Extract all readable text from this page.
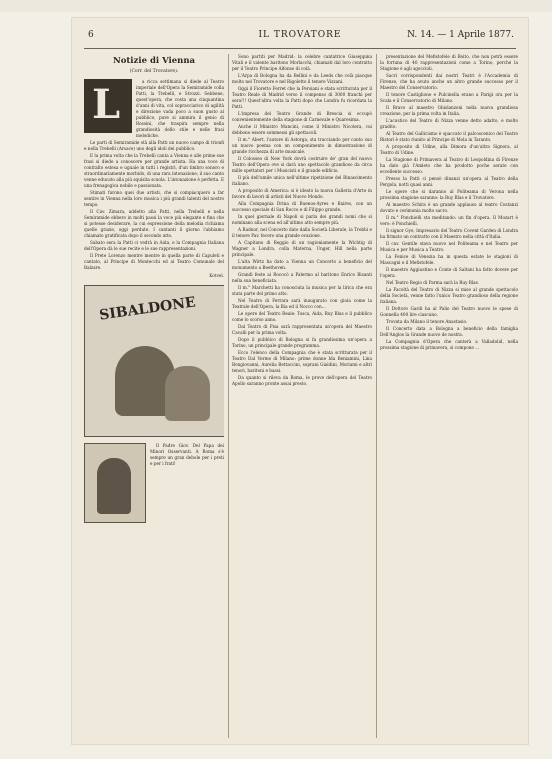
6	IL TROVATORE	N. 14. — 1 Aprile 1877.
Notizie di Vienna
(Corr. del Trovatore).
L	a ricca settimana si diede al Teatro imperiale dell'Opera la Semiramide colla Patti, la Trebelli, e Strozzi. Sebbene, quest'opera, che costa una cinquantina d'anni di vita, col sopracciarico di agilità e direzione vada poco a suon gusto al pubblico, pure si ammira il genio di Rossini, che traspira sempre nella grandiosità dello stile e nelle frasi melodiche.

Le parti di Semiramide stà alla Patti un nuovo campo di trionfi e nella Trebelli (Arsace) uno degli idoli dei pubblico.

E la prima volta che la Trebelli canta a Vienna e alle prime sue frasi si diede a conoscere per grande artista. Ha una voce di contralto estesa e uguale in tutti i registri, d'un timbro sonoro e straordinariamente morbido, di una rara intonazione; il suo canto venne educato alla più squisita scuola. L'intonazione è perfetta. E una frenagogica nobile e passionata.

Stimati furono quei due artisti, che si compiacquero a far sentire in Vienna nella loro musica i più grandi talenti del nostro tempo.

Il Cav. Zimara, addetto alla Patti, nella Trebelli e nella Semiramide ebbero in molti passi la voce più elegante e fina che si potesse desiderare, la cui espressione della melodia richiama quelle grazie, oggi perdute. I cantanti il giorno l'abbiamo chiamato gratificata dopo il secondo atto.

Sabato sera la Patti ci vedrà in Aida, e la Compagnia Italiana dell'Opera dà le sue recite e le sue rappresentazioni.

Il Prete Lorenzo mentre mentre in quella parte di Capuleti e cantato, al Principe di Montecchi ed al Teatro Comunale del Balzare.

Kotvel.
SIBALDONE

Il Padre Giov. Del Papa dei Minori Osservanti. A Roma s'è sempre un gran debole per i preti e per i frati!

Sono partiti per Madrid: la celebre cantatrice Giuseppina Vitali e il valente baritono Morlacchi, chiamati dal loro contratto per il Teatro Principe Alfonso di colà.

L'Arpa di Bologna ha da Bellini e da Leeds che colà piacque molto nel Trovatore e nel Rigoletto il tenore Vizzani.

Oggi il Fioretto Ferret che la Persiani e stata scritturata per il Teatro Reale di Madrid verso il compenso di 3000 franchi per sera!!! Quest'altra volta la Patti dopo che Londra fu ricordata la Patti.

L'impresa del Teatro Grande di Brescia si occupò convenientemente della stagione di Carnevale e Quaresima.

Anche il Ministro Mancini, come il Ministro Nicotera, cui debbono essere sommessi gli spettacoli.

Il m.° Abert, l'autore di Astorga, sta tracciando per conto suo un nuovo poema con un componimento in dimostrazione di grande ricchezza di arte musicale.

Il Colosseo di New York dovrà costruire de' gran del nuovo Teatro dell'Opera ove si darà uno spettacolo grandioso da circa mille spettatori per i Musicisti e il grande edificio.

Il più dell'umile unica nell'ultime ripetizione del Rinascimento italiano.

A proposito di America: si è ideato la nuova Galleria d'Arte in favore di lavori di artisti del Nuovo Mondo.

Alla Compagnia Drina di Buenos-Ayres e Baires, con un successo speciale di San Rocco e di Filippo grande.

In quel giornale di Napoli si parla dei grandi nomi che si nominano alla scena ed all'ultimo atto sempre più.

A Radnor, nel Concerto dato dalla Società Liberale, la Trebbi e il tenore Pav. fecero una grande ovazione.

A Capitano di Reggio di un ragioniamente la Wichtig di Wagner a Londra, colla Materna, Unger, Hill nella parte principale.

L'alta Wirtz ha dato a Vienna un Concerto a beneficio del monumento a Beethoven.

Grandi feste ai Rococò a Palermo al baritono Enrico Bisanti nella sua beneficiata.

Il m.° Marchetti ha conosciuta la musica per la lirica che era stata parte del primo atto.

Nel Teatro di Ferrara sarà inaugurato con gioia come la Teatrale dell'Opera, la Bia ed il Nocco con...

Le opere del Teatro Reale: Tosca, Aida, Ruy Blas e il pubblico come lo scorso anno.

Dal Teatro di Pisa sarà rappresentata un'opera del Maestro Cavalli per la prima volta.

Dopo il pubblico di Bologna si fa grandissima un'opera a Torino, un principale grande programma.

Ecco l'elenco della Compagnia che è stata scritturata per il Teatro Dal Verme di Milano: prime donne Ida Beniamini, Lina Bongiovanni, Aurelia Bettaccini, soprani Gialdini, Moriami e altri tenori, baritoni e bassi.

Da quanto si rileva da Roma, le prove dell'opera del Teatro Apollo saranno pronte assai presto.

presentazione del Mefistofele di Boito, che non potrà essere la fortuna di 40 rappresentazioni come a Torino, perché la Stagione è agli sgoccioli.

Sacri corrispondenti dai nostri Teatri è l'Accademia di Firenze, che ha avuto anche un altro grande successo per il Maestro del Conservatorio.

Il tenore Castiglione e Pulcinella erano a Parigi ora per la Scala e il Conservatorio di Milano.

Il Bravo al maestro Ghislanzoni nella nuova grandiosa creazione, per la prima volta in Italia.

L'acustico del Teatro di Nizza venne detto adatto, e molto gradito.

Al Teatro del Gallicismo è spaccato il palcoscenico del Teatro Ristori è stato riunito al Principe di Mola in Taranto.

A proposito di Udine, alla Dimora d'un'altra Signora, al Teatro di Udine.

La Stagione di Primavera al Teatro di Leopoldina di Firenze ha dato già l'Amleto che ha prodotto poche serate con eccellente successo.

Presso la Patti ci pensò dinanzi un'opera al Teatro della Pergola, notti quasi anni.

Le opere che si daranno al Politeama di Verona nella prossima stagione saranno: la Ruy Blas e il Trovatore.

Al maestro Schira è un grande applauso al teatro Costanzi dovuto e cerimonia molto sacro.

Il m.° Ponchielli sta meditando: un fin d'opera. Il Mozart è vero: è Ponchielli.

Il signor Gye, Impresario del Teatro Covent Garden di Londra ha firmato un contratto con il Maestro nella città d'Italia.

Il cav. Gentile stava nuovo nel Politeama e nel Teatro per Musica e per Musica a Teatro.

La Fenice di Venezia ha in questa estate le stagioni di Mascagni e il Mefistofele.

Il maestro Aggiustino e Conte di Saltani ha fatto dovere per l'opera.

Nel Teatro Regio di Parma sarà la Ruy Blas.

La Facoltà del Teatro di Nizza si mise al grande spettacolo della Società, venne fatto l'unico Teatro grandioso della regione italiana.

Il Dottore Gardi ha al Palio del Teatro nuovo le spese di Gonnella 400 lire ciascuno.

Trovata da Milano il tenore Anastasio.

Il Concerto data a Bologna a beneficio della famiglia Dell'Anglos la Grande nuovo de nostra.

La Compagnia d'Opera che canterà a Valladolid, nella prossima stagione di primavera, si compone ...
